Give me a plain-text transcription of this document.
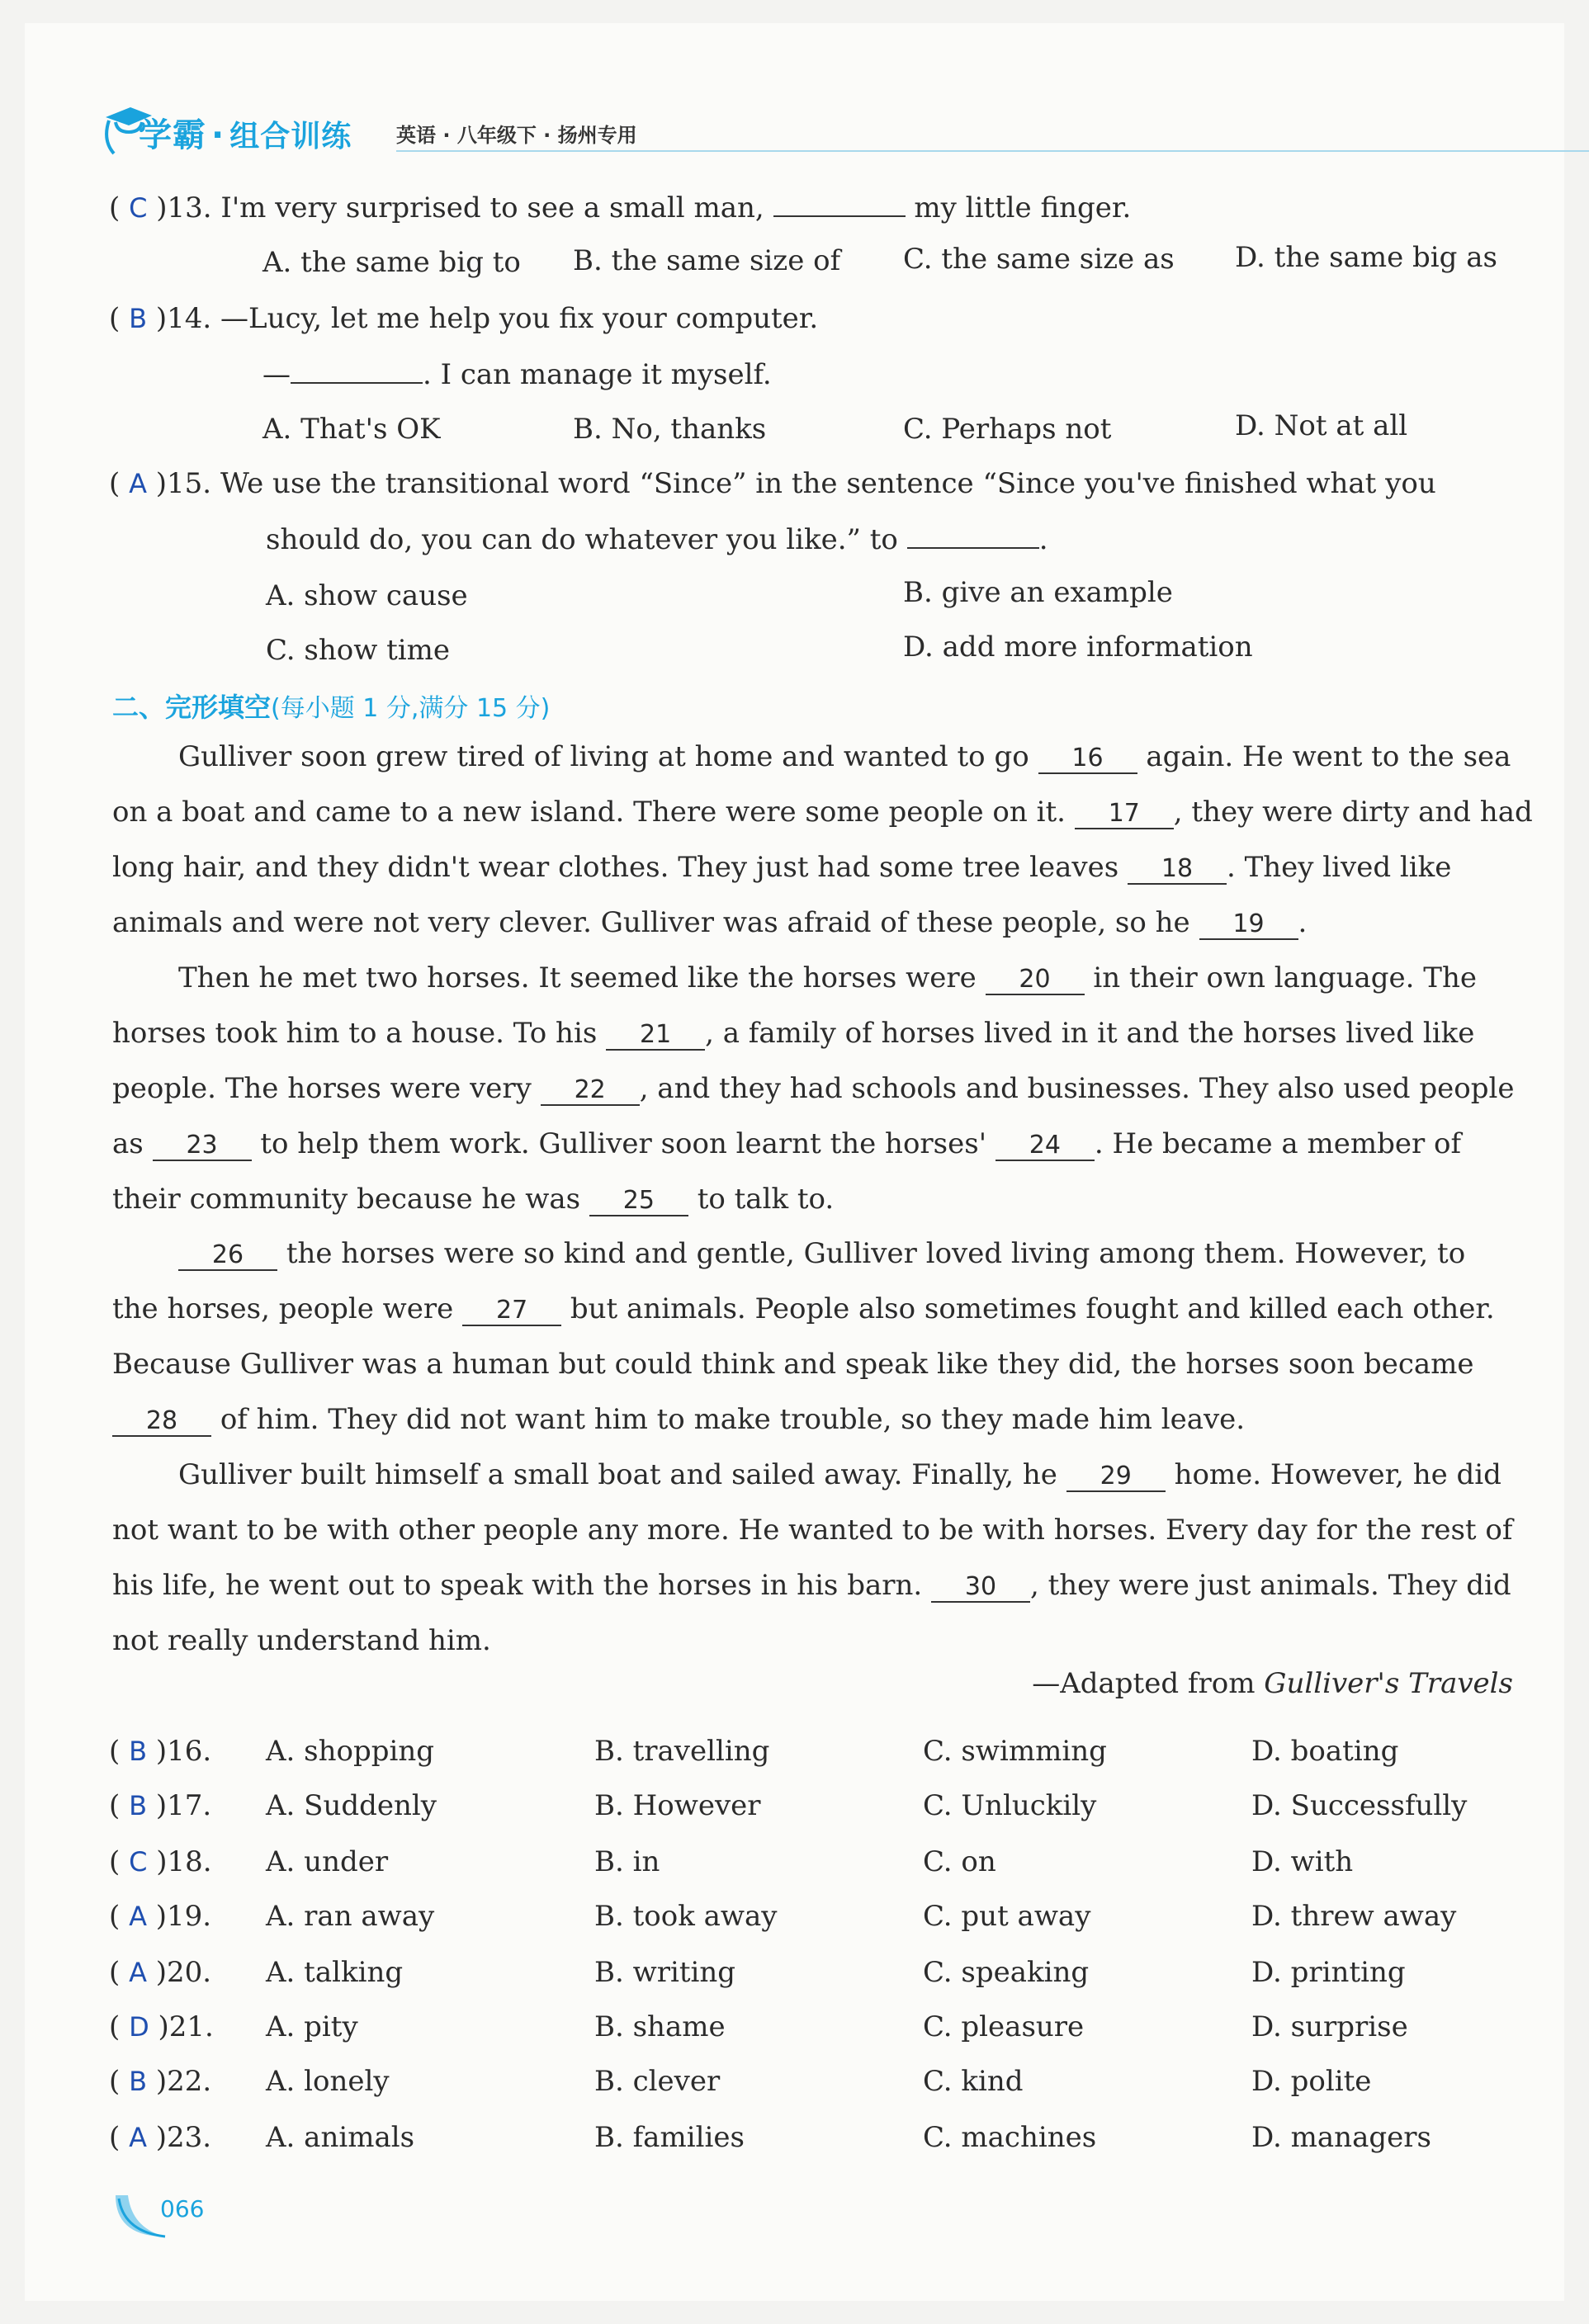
学霸 · 组合训练 英语 · 八年级下 · 扬州专用
( C )13. I'm very surprised to see a small man,	my little finger.
A. the same big to B. the same size of C. the same size as D. the same big as
( B )14. —Lucy, let me help you fix your computer.
—	. I can manage it myself.
A. That's OK	B. No, thanks	C. Perhaps not	D. Not at all
( A )15. We use the transitional word “Since” in the sentence “Since you've finished what you
should do, you can do whatever you like.” to	.
A. show cause	B. give an example
C. show time	D. add more information
二、完形填空(每小题 1 分,满分 15 分)
Gulliver soon grew tired of living at home and wanted to go 16 again. He went to the sea
on a boat and came to a new island. There were some people on it. 17 , they were dirty and had
long hair, and they didn't wear clothes. They just had some tree leaves 18 . They lived like
animals and were not very clever. Gulliver was afraid of these people, so he 19 .
Then he met two horses. It seemed like the horses were 20 in their own language. The
horses took him to a house. To his 21 , a family of horses lived in it and the horses lived like
people. The horses were very 22 , and they had schools and businesses. They also used people
as 23 to help them work. Gulliver soon learnt the horses' 24 . He became a member of
their community because he was 25 to talk to.
26 the horses were so kind and gentle, Gulliver loved living among them. However, to
the horses, people were 27 but animals. People also sometimes fought and killed each other.
Because Gulliver was a human but could think and speak like they did, the horses soon became
28 of him. They did not want him to make trouble, so they made him leave.
Gulliver built himself a small boat and sailed away. Finally, he 29 home. However, he did
not want to be with other people any more. He wanted to be with horses. Every day for the rest of
his life, he went out to speak with the horses in his barn. 30 , they were just animals. They did
not really understand him.
—Adapted from Gulliver's Travels
( B )16. A. shopping	B. travelling	C. swimming	D. boating
( B )17. A. Suddenly	B. However	C. Unluckily	D. Successfully
( C )18. A. under	B. in	C. on	D. with
( A )19. A. ran away	B. took away	C. put away	D. threw away
( A )20. A. talking	B. writing	C. speaking	D. printing
( D )21. A. pity	B. shame	C. pleasure	D. surprise
( B )22. A. lonely	B. clever	C. kind	D. polite
( A )23. A. animals	B. families	C. machines	D. managers
066
